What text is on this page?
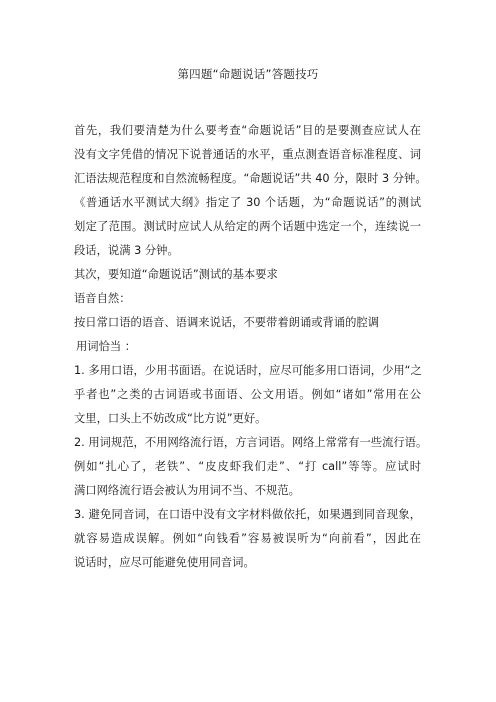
第四题“命题说话”答题技巧

首先，我们要清楚为什么要考查“命题说话”目的是要测查应试人在

没有文字凭借的情况下说普通话的水平，重点测查语音标准程度、词

汇语法规范程度和自然流畅程度。“命题说话”共 40 分，限时 3 分钟。

《普通话水平测试大纲》指定了 30 个话题，为“命题说话”的测试

划定了范围。测试时应试人从给定的两个话题中选定一个，连续说一

段话，说满 3 分钟。

其次，要知道“命题说话”测试的基本要求

语音自然：

按日常口语的语音、语调来说话，不要带着朗诵或背诵的腔调

用词恰当 ：

1. 多用口语，少用书面语。在说话时，应尽可能多用口语词，少用“之

乎者也”之类的古词语或书面语、公文用语。例如“诸如”常用在公

文里，口头上不妨改成“比方说”更好。

2. 用词规范，不用网络流行语，方言词语。网络上常常有一些流行语。

例如“扎心了，老铁”、“皮皮虾我们走”、“打 call”等等。应试时

满口网络流行语会被认为用词不当、不规范。

3. 避免同音词，在口语中没有文字材料做依托，如果遇到同音现象，

就容易造成误解。例如“向钱看”容易被误听为“向前看”，因此在

说话时，应尽可能避免使用同音词。
